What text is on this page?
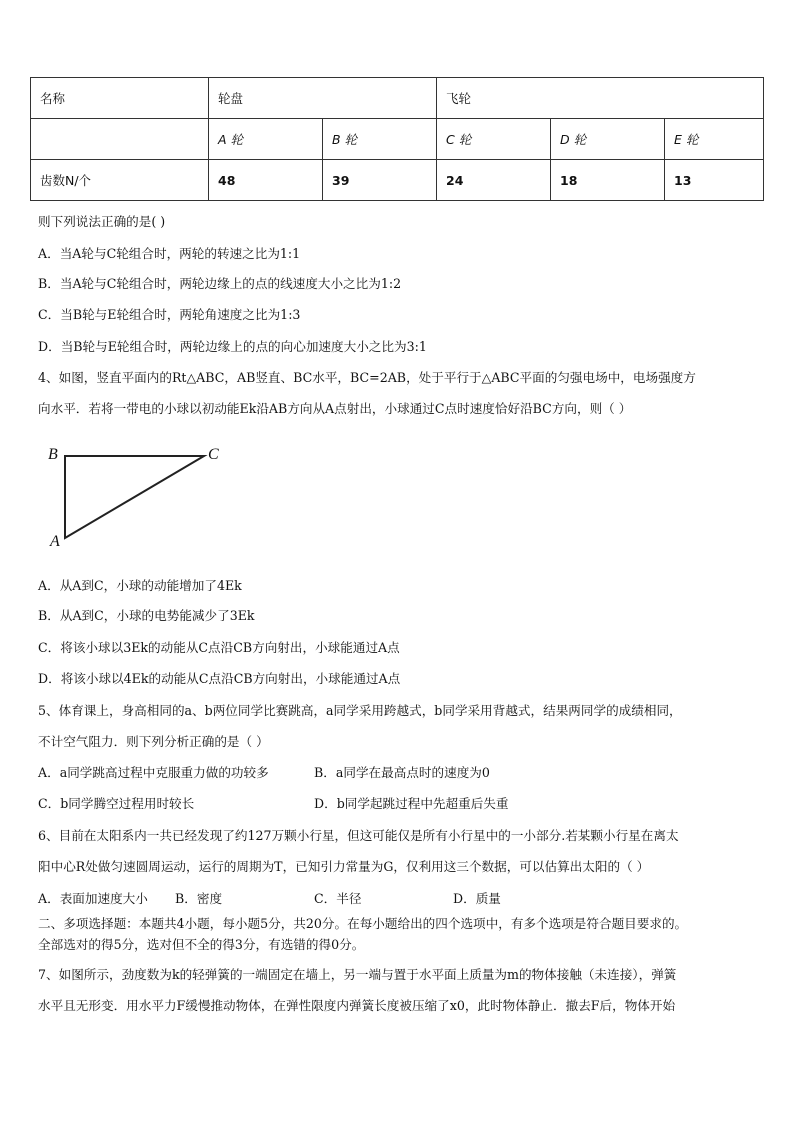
名称	轮盘		飞轮		
	A 轮	B 轮	C 轮	D 轮	E 轮
齿数N/个	48	39	24	18	13
则下列说法正确的是( )
A．当A轮与C轮组合时，两轮的转速之比为1:1
B．当A轮与C轮组合时，两轮边缘上的点的线速度大小之比为1:2
C．当B轮与E轮组合时，两轮角速度之比为1:3
D．当B轮与E轮组合时，两轮边缘上的点的向心加速度大小之比为3:1
4、如图，竖直平面内的Rt△ABC，AB竖直、BC水平，BC=2AB，处于平行于△ABC平面的匀强电场中，电场强度方
向水平．若将一带电的小球以初动能Ek沿AB方向从A点射出，小球通过C点时速度恰好沿BC方向，则（ ）
B	C
A
A．从A到C，小球的动能增加了4Ek
B．从A到C，小球的电势能减少了3Ek
C．将该小球以3Ek的动能从C点沿CB方向射出，小球能通过A点
D．将该小球以4Ek的动能从C点沿CB方向射出，小球能通过A点
5、体育课上，身高相同的a、b两位同学比赛跳高，a同学采用跨越式，b同学采用背越式，结果两同学的成绩相同，
不计空气阻力．则下列分析正确的是（ ）
A．a同学跳高过程中克服重力做的功较多	B．a同学在最高点时的速度为0
C．b同学腾空过程用时较长	D．b同学起跳过程中先超重后失重
6、目前在太阳系内一共已经发现了约127万颗小行星，但这可能仅是所有小行星中的一小部分.若某颗小行星在离太
阳中心R处做匀速圆周运动，运行的周期为T，已知引力常量为G，仅利用这三个数据，可以估算出太阳的（ ）
A．表面加速度大小 B．密度	C．半径	D．质量
二、多项选择题：本题共4小题，每小题5分，共20分。在每小题给出的四个选项中，有多个选项是符合题目要求的。
全部选对的得5分，选对但不全的得3分，有选错的得0分。
7、如图所示，劲度数为k的轻弹簧的一端固定在墙上，另一端与置于水平面上质量为m的物体接触（未连接），弹簧
水平且无形变．用水平力F缓慢推动物体，在弹性限度内弹簧长度被压缩了x0，此时物体静止．撤去F后，物体开始
